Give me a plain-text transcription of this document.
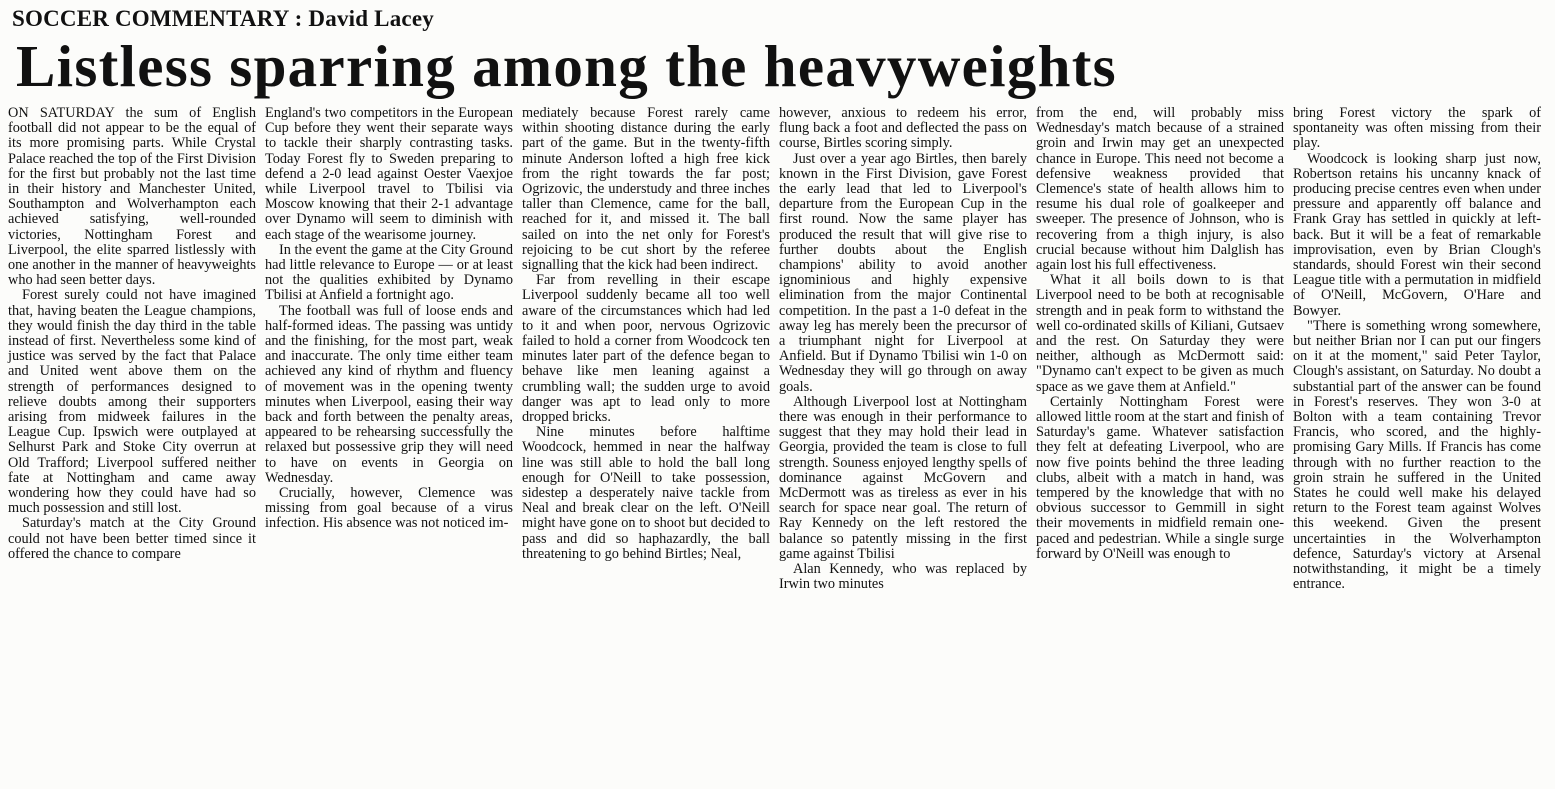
SOCCER COMMENTARY : David Lacey
Listless sparring among the heavyweights

ON SATURDAY the sum of English football did not appear to be the equal of its more promising parts. While Crystal Palace reached the top of the First Division for the first but probably not the last time in their history and Manchester United, Southampton and Wolverhampton each achieved satisfying, well-rounded victories, Nottingham Forest and Liverpool, the elite sparred listlessly with one another in the manner of heavyweights who had seen better days.

Forest surely could not have imagined that, having beaten the League champions, they would finish the day third in the table instead of first. Nevertheless some kind of justice was served by the fact that Palace and United went above them on the strength of performances designed to relieve doubts among their supporters arising from midweek failures in the League Cup. Ipswich were outplayed at Selhurst Park and Stoke City overrun at Old Trafford; Liverpool suffered neither fate at Nottingham and came away wondering how they could have had so much possession and still lost.

Saturday's match at the City Ground could not have been better timed since it offered the chance to compare

England's two competitors in the European Cup before they went their separate ways to tackle their sharply contrasting tasks. Today Forest fly to Sweden preparing to defend a 2-0 lead against Oester Vaexjoe while Liverpool travel to Tbilisi via Moscow knowing that their 2-1 advantage over Dynamo will seem to diminish with each stage of the wearisome journey.

In the event the game at the City Ground had little relevance to Europe — or at least not the qualities exhibited by Dynamo Tbilisi at Anfield a fortnight ago.

The football was full of loose ends and half-formed ideas. The passing was untidy and the finishing, for the most part, weak and inaccurate. The only time either team achieved any kind of rhythm and fluency of movement was in the opening twenty minutes when Liverpool, easing their way back and forth between the penalty areas, appeared to be rehearsing successfully the relaxed but possessive grip they will need to have on events in Georgia on Wednesday.

Crucially, however, Clemence was missing from goal because of a virus infection. His absence was not noticed im-

mediately because Forest rarely came within shooting distance during the early part of the game. But in the twenty-fifth minute Anderson lofted a high free kick from the right towards the far post; Ogrizovic, the understudy and three inches taller than Clemence, came for the ball, reached for it, and missed it. The ball sailed on into the net only for Forest's rejoicing to be cut short by the referee signalling that the kick had been indirect.

Far from revelling in their escape Liverpool suddenly became all too well aware of the circumstances which had led to it and when poor, nervous Ogrizovic failed to hold a corner from Woodcock ten minutes later part of the defence began to behave like men leaning against a crumbling wall; the sudden urge to avoid danger was apt to lead only to more dropped bricks.

Nine minutes before halftime Woodcock, hemmed in near the halfway line was still able to hold the ball long enough for O'Neill to take possession, sidestep a desperately naive tackle from Neal and break clear on the left. O'Neill might have gone on to shoot but decided to pass and did so haphazardly, the ball threatening to go behind Birtles; Neal,

however, anxious to redeem his error, flung back a foot and deflected the pass on course, Birtles scoring simply.

Just over a year ago Birtles, then barely known in the First Division, gave Forest the early lead that led to Liverpool's departure from the European Cup in the first round. Now the same player has produced the result that will give rise to further doubts about the English champions' ability to avoid another ignominious and highly expensive elimination from the major Continental competition. In the past a 1-0 defeat in the away leg has merely been the precursor of a triumphant night for Liverpool at Anfield. But if Dynamo Tbilisi win 1-0 on Wednesday they will go through on away goals.

Although Liverpool lost at Nottingham there was enough in their performance to suggest that they may hold their lead in Georgia, provided the team is close to full strength. Souness enjoyed lengthy spells of dominance against McGovern and McDermott was as tireless as ever in his search for space near goal. The return of Ray Kennedy on the left restored the balance so patently missing in the first game against Tbilisi

Alan Kennedy, who was replaced by Irwin two minutes

from the end, will probably miss Wednesday's match because of a strained groin and Irwin may get an unexpected chance in Europe. This need not become a defensive weakness provided that Clemence's state of health allows him to resume his dual role of goalkeeper and sweeper. The presence of Johnson, who is recovering from a thigh injury, is also crucial because without him Dalglish has again lost his full effectiveness.

What it all boils down to is that Liverpool need to be both at recognisable strength and in peak form to withstand the well co-ordinated skills of Kiliani, Gutsaev and the rest. On Saturday they were neither, although as McDermott said: "Dynamo can't expect to be given as much space as we gave them at Anfield."

Certainly Nottingham Forest were allowed little room at the start and finish of Saturday's game. Whatever satisfaction they felt at defeating Liverpool, who are now five points behind the three leading clubs, albeit with a match in hand, was tempered by the knowledge that with no obvious successor to Gemmill in sight their movements in midfield remain one-paced and pedestrian. While a single surge forward by O'Neill was enough to

bring Forest victory the spark of spontaneity was often missing from their play.

Woodcock is looking sharp just now, Robertson retains his uncanny knack of producing precise centres even when under pressure and apparently off balance and Frank Gray has settled in quickly at left-back. But it will be a feat of remarkable improvisation, even by Brian Clough's standards, should Forest win their second League title with a permutation in midfield of O'Neill, McGovern, O'Hare and Bowyer.

"There is something wrong somewhere, but neither Brian nor I can put our fingers on it at the moment," said Peter Taylor, Clough's assistant, on Saturday. No doubt a substantial part of the answer can be found in Forest's reserves. They won 3-0 at Bolton with a team containing Trevor Francis, who scored, and the highly-promising Gary Mills. If Francis has come through with no further reaction to the groin strain he suffered in the United States he could well make his delayed return to the Forest team against Wolves this weekend. Given the present uncertainties in the Wolverhampton defence, Saturday's victory at Arsenal notwithstanding, it might be a timely entrance.
